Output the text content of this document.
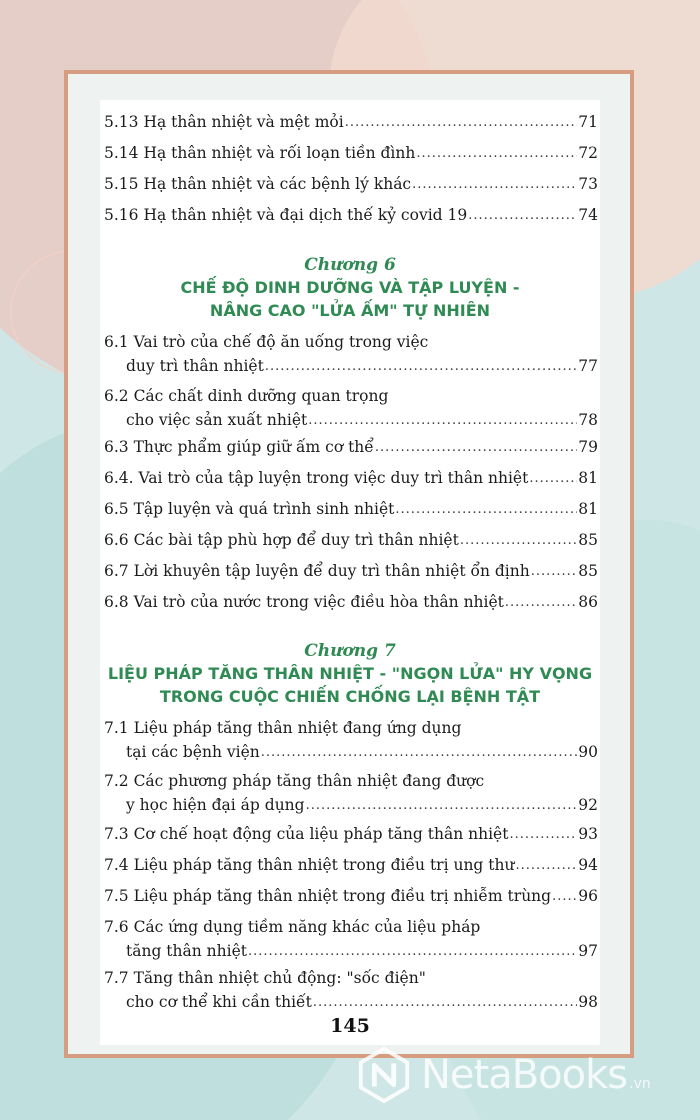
5.13 Hạ thân nhiệt và mệt mỏi .....	71
5.14 Hạ thân nhiệt và rối loạn tiền đình .....	72
5.15 Hạ thân nhiệt và các bệnh lý khác .....	73
5.16 Hạ thân nhiệt và đại dịch thế kỷ covid 19 .....	74
Chương 6
CHẾ ĐỘ DINH DƯỠNG VÀ TẬP LUYỆN -
NÂNG CAO "LỬA ẤM" TỰ NHIÊN
6.1 Vai trò của chế độ ăn uống trong việc
duy trì thân nhiệt .....	77
6.2 Các chất dinh dưỡng quan trọng
cho việc sản xuất nhiệt .....	78
6.3 Thực phẩm giúp giữ ấm cơ thể .....	79
6.4. Vai trò của tập luyện trong việc duy trì thân nhiệt .....	81
6.5 Tập luyện và quá trình sinh nhiệt .....	81
6.6 Các bài tập phù hợp để duy trì thân nhiệt .....	85
6.7 Lời khuyên tập luyện để duy trì thân nhiệt ổn định .....	85
6.8 Vai trò của nước trong việc điều hòa thân nhiệt .....	86
Chương 7
LIỆU PHÁP TĂNG THÂN NHIỆT - "NGỌN LỬA" HY VỌNG
TRONG CUỘC CHIẾN CHỐNG LẠI BỆNH TẬT
7.1 Liệu pháp tăng thân nhiệt đang ứng dụng
tại các bệnh viện .....	90
7.2 Các phương pháp tăng thân nhiệt đang được
y học hiện đại áp dụng .....	92
7.3 Cơ chế hoạt động của liệu pháp tăng thân nhiệt .....	93
7.4 Liệu pháp tăng thân nhiệt trong điều trị ung thư .....	94
7.5 Liệu pháp tăng thân nhiệt trong điều trị nhiễm trùng ..... 96
7.6 Các ứng dụng tiềm năng khác của liệu pháp
tăng thân nhiệt .....	97
7.7 Tăng thân nhiệt chủ động: "sốc điện"
cho cơ thể khi cần thiết .....	98
145
NetaBooks .vn
